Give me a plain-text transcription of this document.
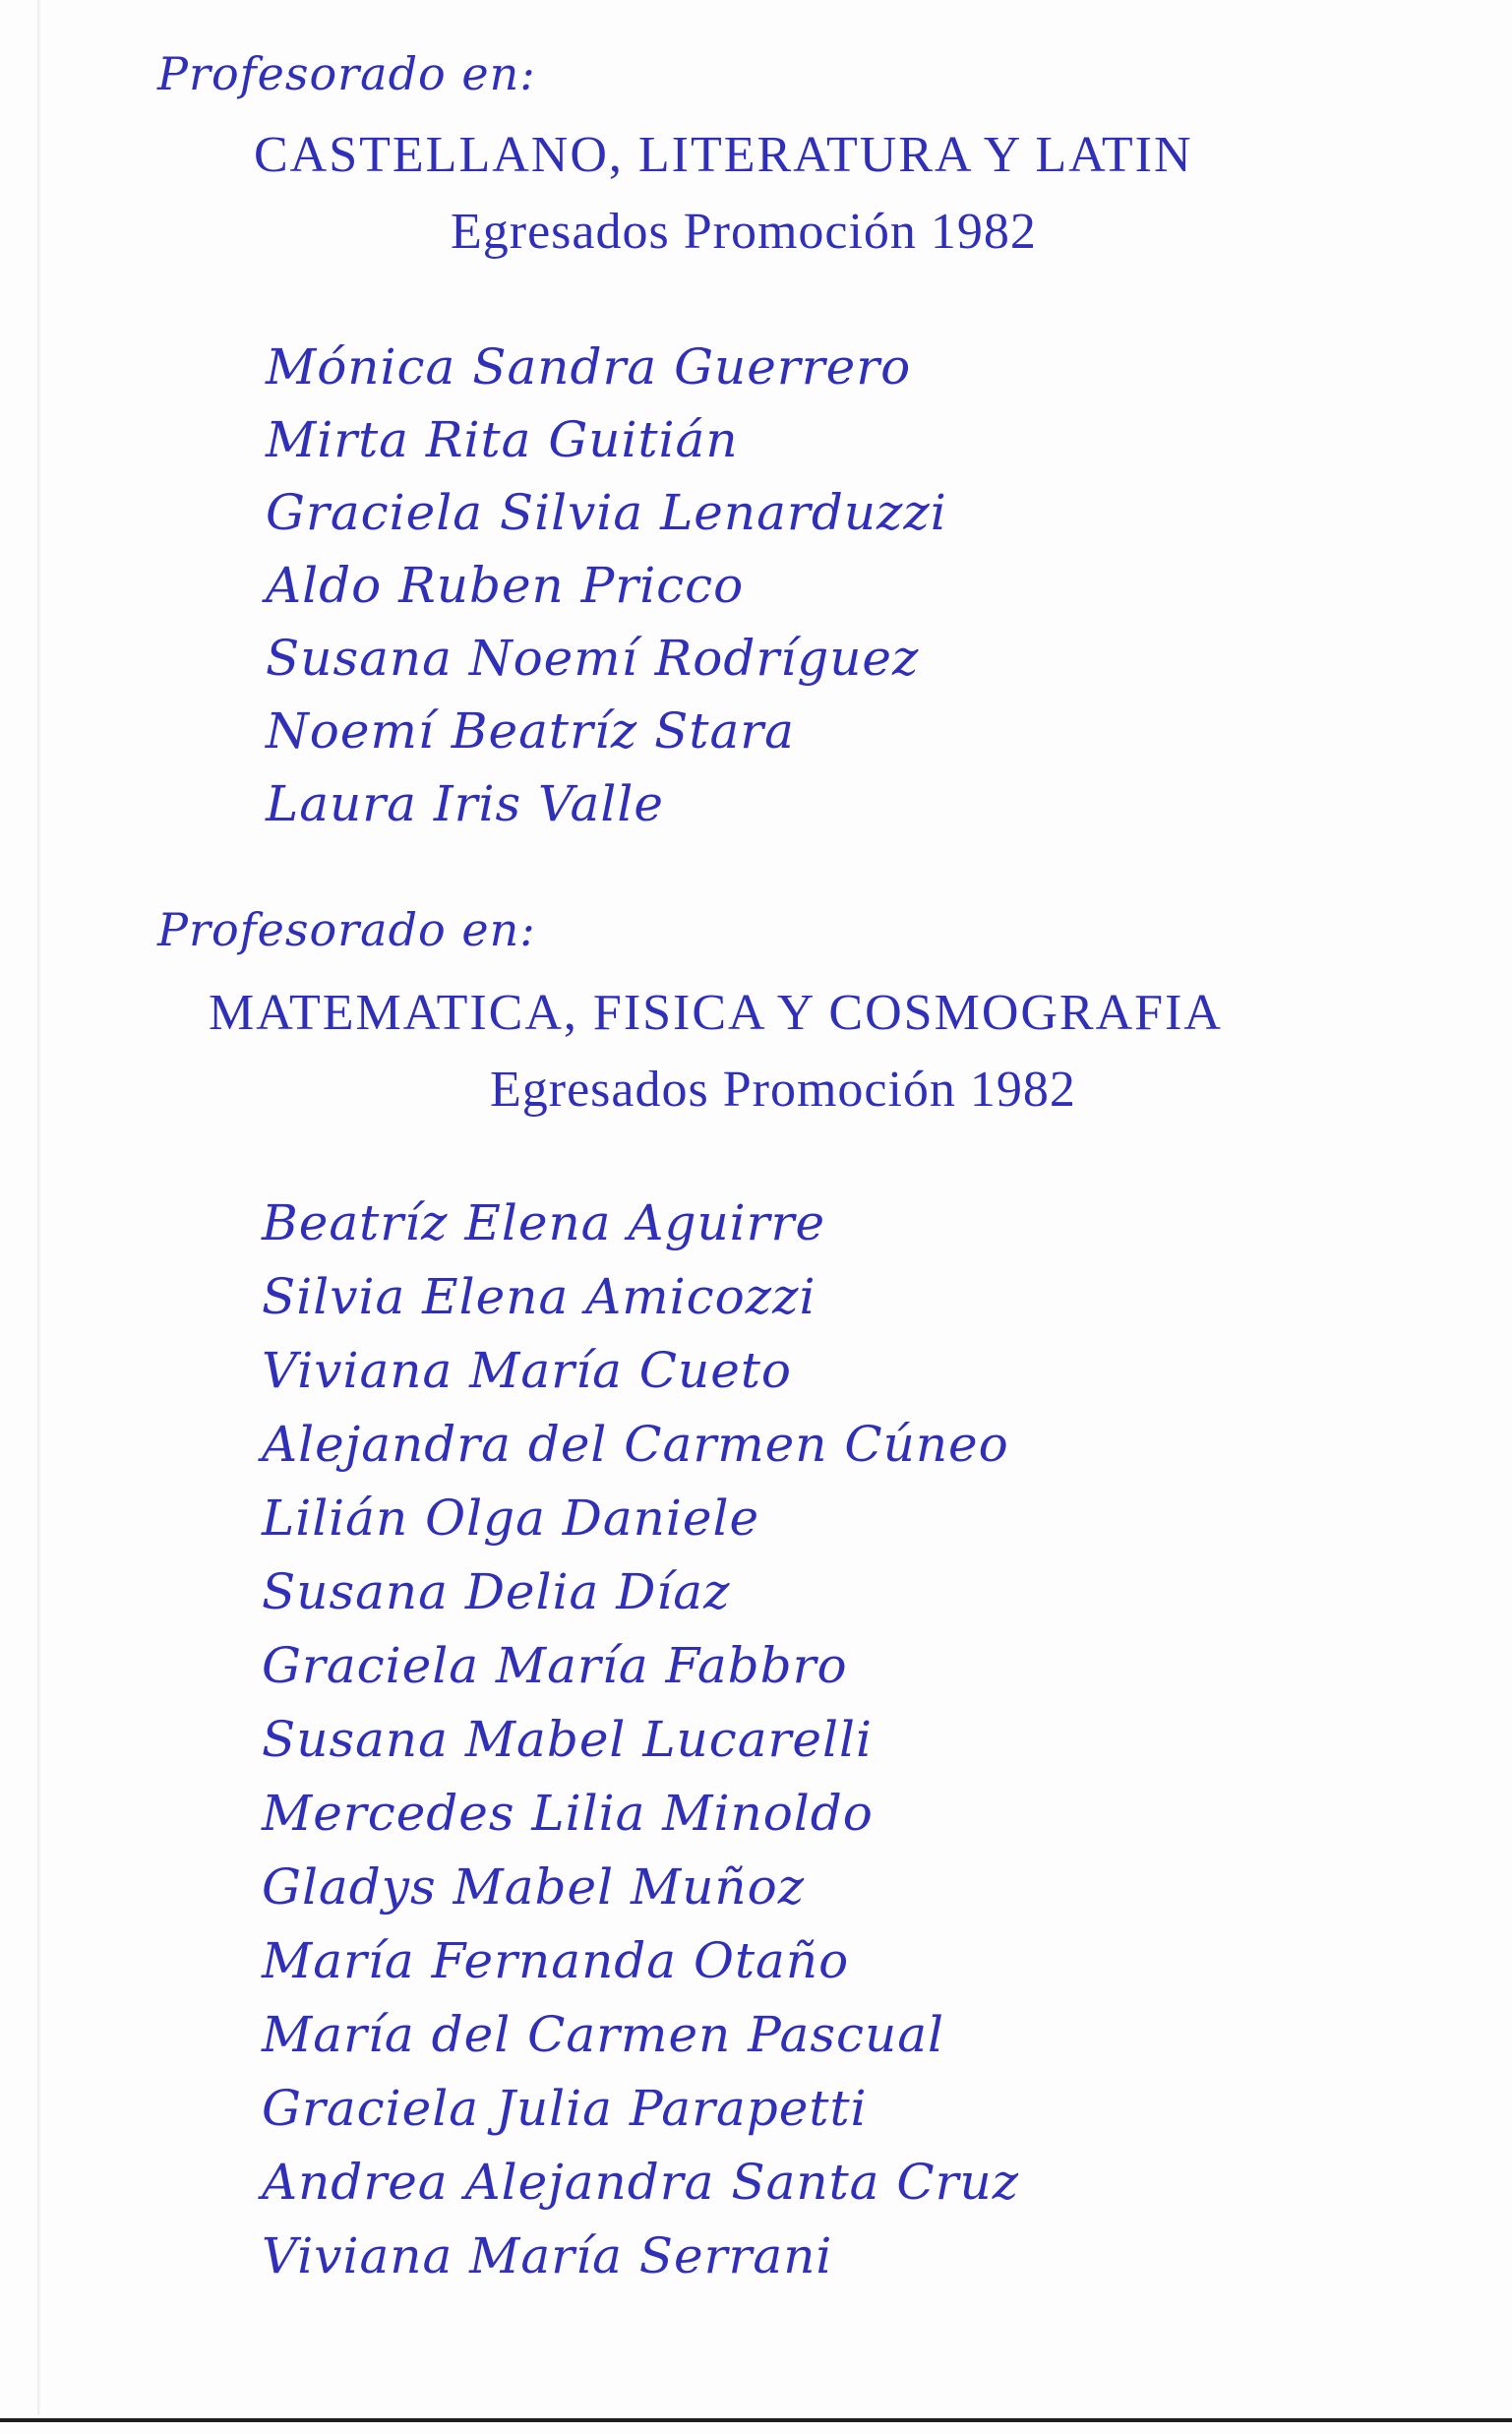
Profesorado en:
CASTELLANO, LITERATURA Y LATIN
Egresados Promoción 1982
Mónica Sandra Guerrero
Mirta Rita Guitián
Graciela Silvia Lenarduzzi
Aldo Ruben Pricco
Susana Noemí Rodríguez
Noemí Beatríz Stara
Laura Iris Valle
Profesorado en:
MATEMATICA, FISICA Y COSMOGRAFIA
Egresados Promoción 1982
Beatríz Elena Aguirre
Silvia Elena Amicozzi
Viviana María Cueto
Alejandra del Carmen Cúneo
Lilián Olga Daniele
Susana Delia Díaz
Graciela María Fabbro
Susana Mabel Lucarelli
Mercedes Lilia Minoldo
Gladys Mabel Muñoz
María Fernanda Otaño
María del Carmen Pascual
Graciela Julia Parapetti
Andrea Alejandra Santa Cruz
Viviana María Serrani
